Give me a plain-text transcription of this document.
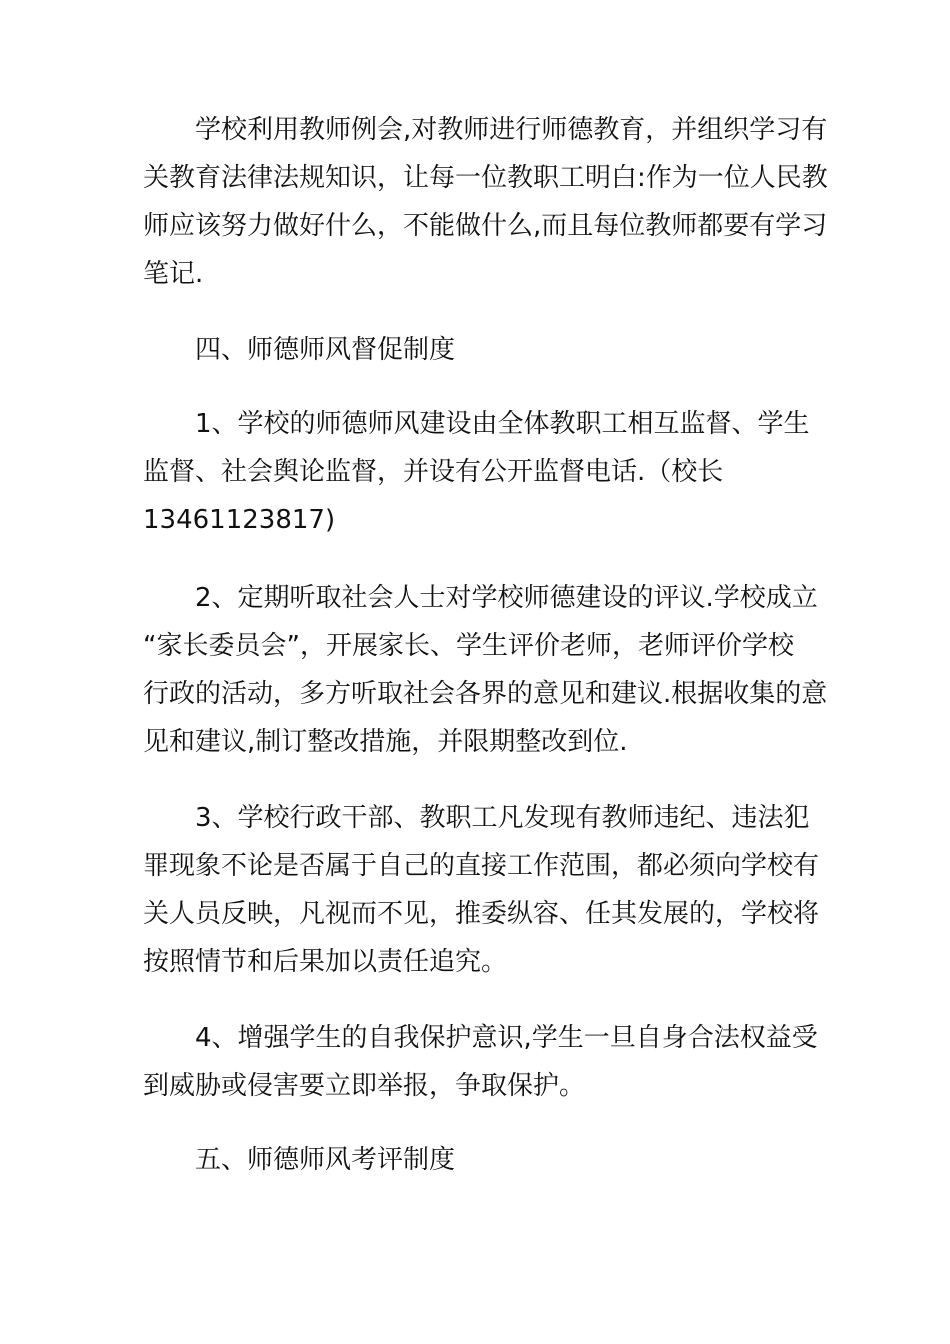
学校利用教师例会,对教师进行师德教育，并组织学习有
关教育法律法规知识，让每一位教职工明白:作为一位人民教
师应该努力做好什么，不能做什么,而且每位教师都要有学习
笔记.
四、师德师风督促制度
1、学校的师德师风建设由全体教职工相互监督、学生
监督、社会舆论监督，并设有公开监督电话.（校长
13461123817)
2、定期听取社会人士对学校师德建设的评议.学校成立
“家长委员会”，开展家长、学生评价老师，老师评价学校
行政的活动，多方听取社会各界的意见和建议.根据收集的意
见和建议,制订整改措施，并限期整改到位.
3、学校行政干部、教职工凡发现有教师违纪、违法犯
罪现象不论是否属于自己的直接工作范围，都必须向学校有
关人员反映，凡视而不见，推委纵容、任其发展的，学校将
按照情节和后果加以责任追究。
4、增强学生的自我保护意识,学生一旦自身合法权益受
到威胁或侵害要立即举报，争取保护。
五、师德师风考评制度
